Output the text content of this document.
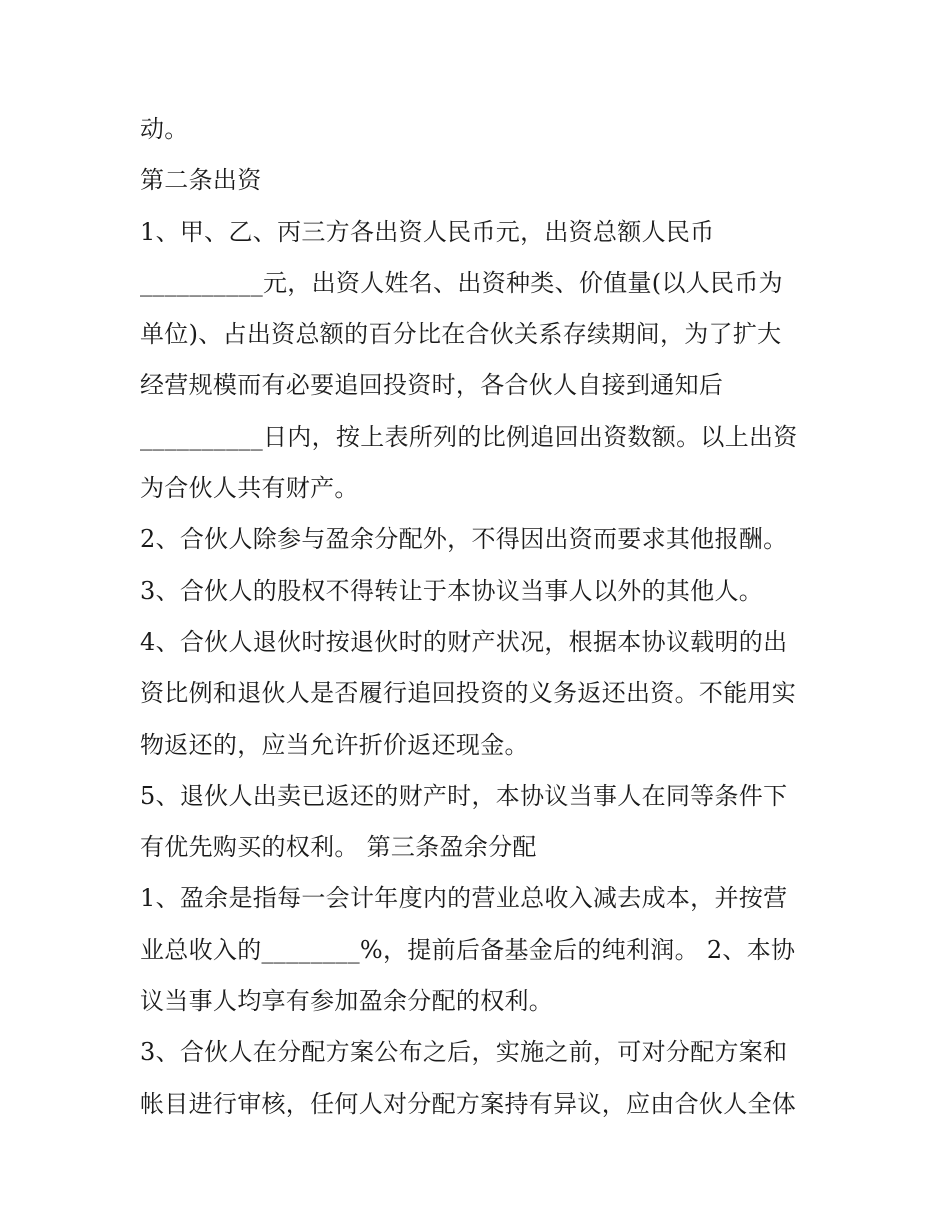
动。
第二条出资
1、甲、乙、丙三方各出资人民币元，出资总额人民币
__________元，出资人姓名、出资种类、价值量(以人民币为
单位)、占出资总额的百分比在合伙关系存续期间，为了扩大
经营规模而有必要追回投资时，各合伙人自接到通知后
__________日内，按上表所列的比例追回出资数额。以上出资
为合伙人共有财产。
2、合伙人除参与盈余分配外，不得因出资而要求其他报酬。
3、合伙人的股权不得转让于本协议当事人以外的其他人。
4、合伙人退伙时按退伙时的财产状况，根据本协议载明的出
资比例和退伙人是否履行追回投资的义务返还出资。不能用实
物返还的，应当允许折价返还现金。
5、退伙人出卖已返还的财产时，本协议当事人在同等条件下
有优先购买的权利。 第三条盈余分配
1、盈余是指每一会计年度内的营业总收入减去成本，并按营
业总收入的________%，提前后备基金后的纯利润。 2、本协
议当事人均享有参加盈余分配的权利。
3、合伙人在分配方案公布之后，实施之前，可对分配方案和
帐目进行审核，任何人对分配方案持有异议，应由合伙人全体
